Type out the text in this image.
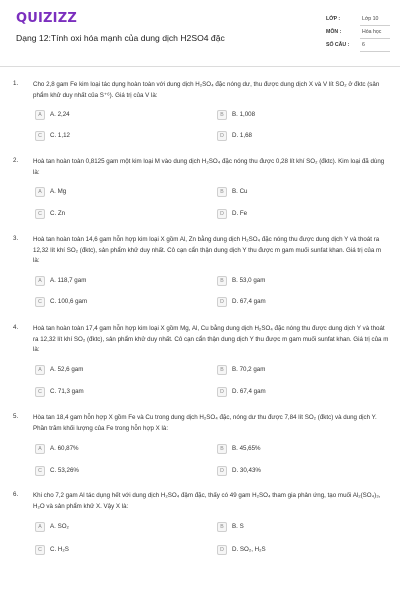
QUIZIZZ
Dạng 12:Tính oxi hóa mạnh của dung dịch H2SO4 đặc
LỚP :	Lớp 10
MÔN :	Hóa học
SỐ CÂU : 6
1. Cho 2,8 gam Fe kim loại tác dụng hoàn toàn với dung dịch H₂SO₄ đặc nóng dư, thu được dung dịch X và V lít SO₂ ở đktc (sản phẩm khử duy nhất của S⁺⁶). Giá trị của V là:
A	A. 2,24	B	B. 1,008
C	C. 1,12	D	D. 1,68
2. Hoà tan hoàn toàn 0,8125 gam một kim loại M vào dung dịch H₂SO₄ đặc nóng thu được 0,28 lít khí SO₂ (đktc). Kim loại đã dùng là:
A	A. Mg	B	B. Cu
C	C. Zn	D	D. Fe
3. Hoà tan hoàn toàn 14,6 gam hỗn hợp kim loại X gồm Al, Zn bằng dung dịch H₂SO₄ đặc nóng thu được dung dịch Y và thoát ra 12,32 lít khí SO₂ (đktc), sản phẩm khử duy nhất. Cô cạn cẩn thận dung dịch Y thu được m gam muối sunfat khan. Giá trị của m là:
A	A. 118,7 gam	B	B. 53,0 gam
C	C. 100,6 gam	D	D. 67,4 gam
4. Hoà tan hoàn toàn 17,4 gam hỗn hợp kim loại X gồm Mg, Al, Cu bằng dung dịch H₂SO₄ đặc nóng thu được dung dịch Y và thoát ra 12,32 lít khí SO₂ (đktc), sản phẩm khử duy nhất. Cô cạn cẩn thận dung dịch Y thu được m gam muối sunfat khan. Giá trị của m là:
A	A. 52,6 gam	B	B. 70,2 gam
C	C. 71,3 gam	D	D. 67,4 gam
5. Hòa tan 18,4 gam hỗn hợp X gồm Fe và Cu trong dung dịch H₂SO₄ đặc, nóng dư thu được 7,84 lít SO₂ (đktc) và dung dịch Y. Phần trăm khối lượng của Fe trong hỗn hợp X là:
A	A. 60,87%	B	B. 45,65%
C	C. 53,26%	D	D. 30,43%
6. Khi cho 7,2 gam Al tác dụng hết với dung dịch H₂SO₄ đậm đặc, thấy có 49 gam H₂SO₄ tham gia phản ứng, tạo muối Al₂(SO₄)₃, H₂O và sản phẩm khử X. Vậy X là:
A	A. SO₂	B	B. S
C	C. H₂S	D	D. SO₂, H₂S
